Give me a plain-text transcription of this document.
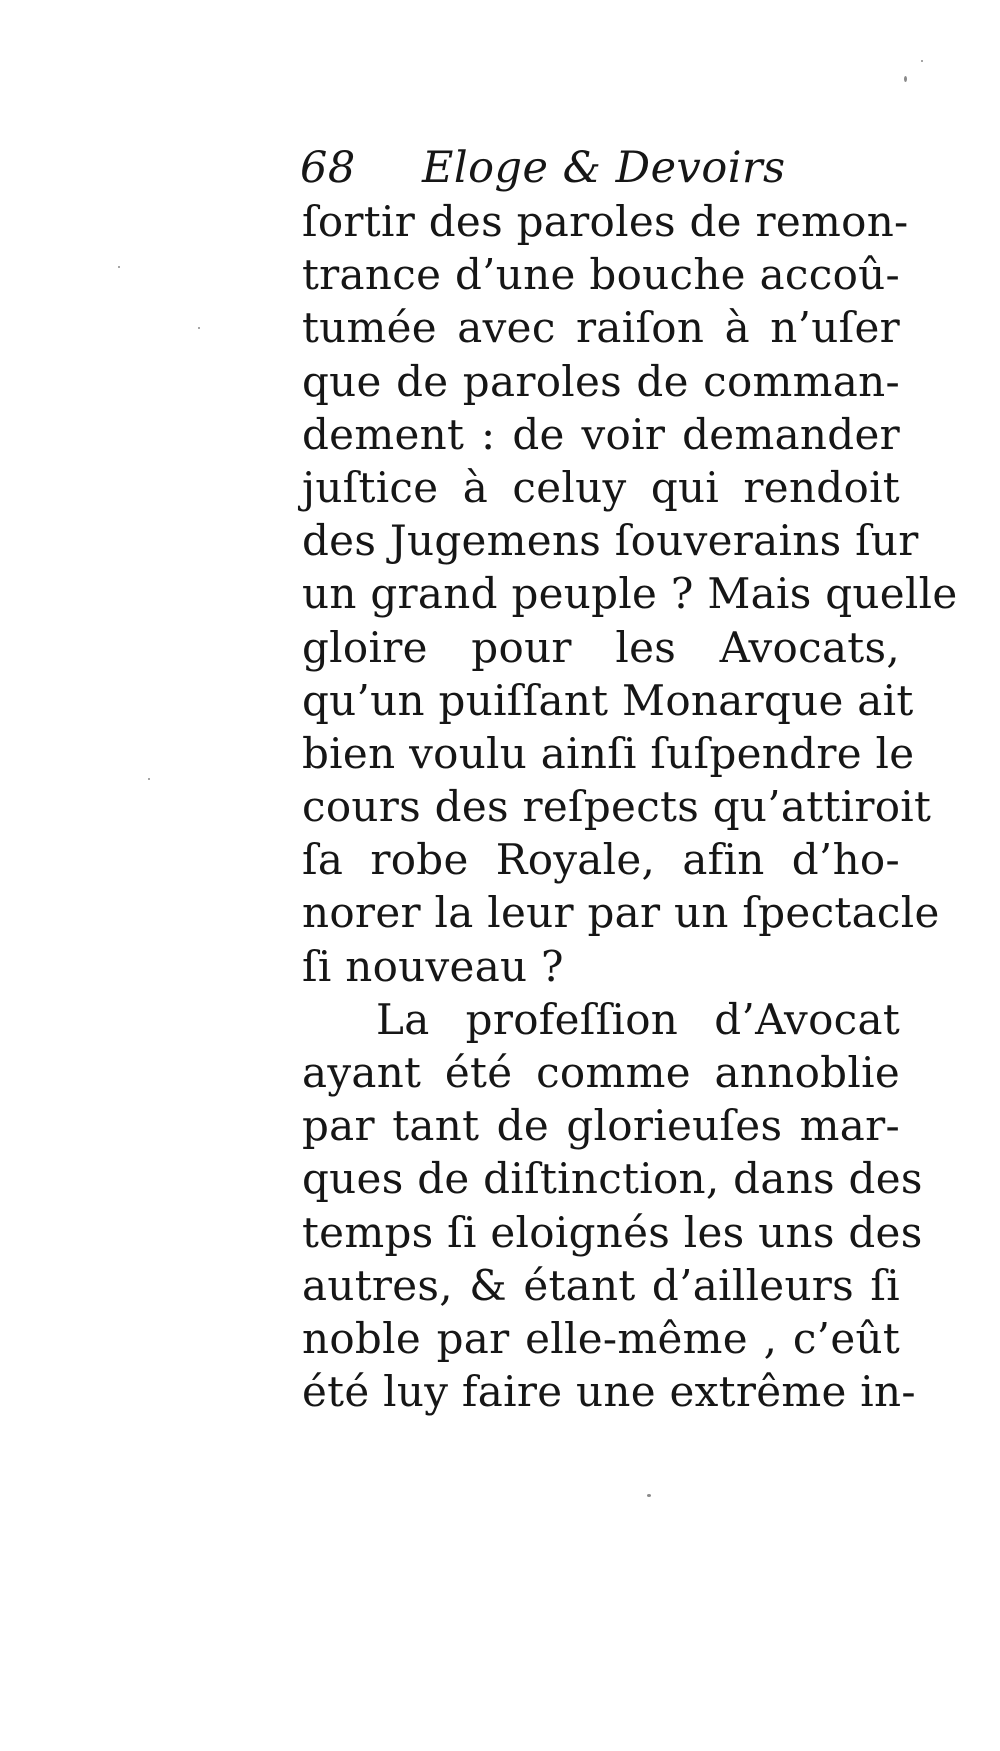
68 Eloge & Devoirs
ſortir des paroles de remon-
trance d’une bouche accoû-
tumée avec raiſon à n’uſer
que de paroles de comman-
dement : de voir demander
juſtice à celuy qui rendoit
des Jugemens ſouverains ſur
un grand peuple ? Mais quelle
gloire pour les Avocats,
qu’un puiſſant Monarque ait
bien voulu ainſi ſuſpendre le
cours des reſpects qu’attiroit
ſa robe Royale, afin d’ho-
norer la leur par un ſpectacle
ſi nouveau ?
La profeſſion d’Avocat
ayant été comme annoblie
par tant de glorieuſes mar-
ques de diſtinction, dans des
temps ſi eloignés les uns des
autres, & étant d’ailleurs ſi
noble par elle-même , c’eût
été luy faire une extrême in-
